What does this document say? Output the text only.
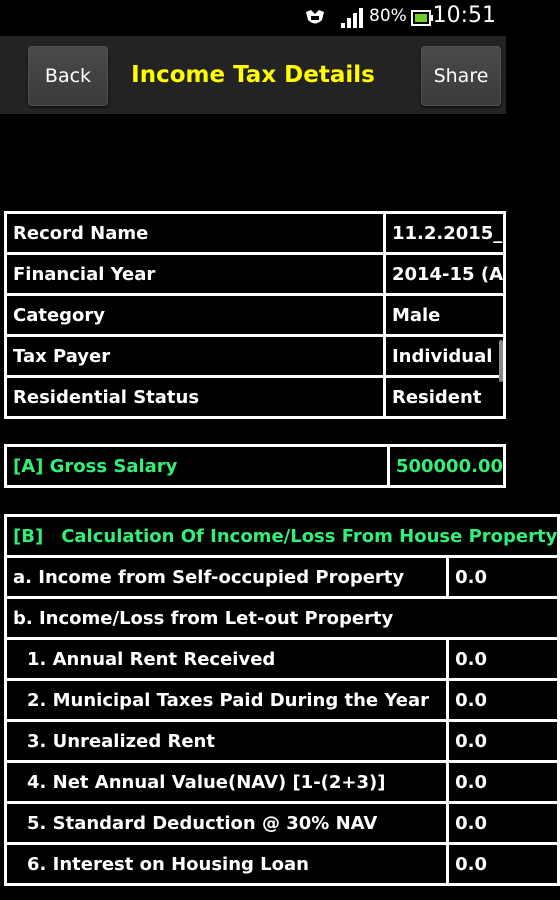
80% 10:51
Back	Income Tax Details	Share
Record Name	11.2.2015_
Financial Year	2014-15 (A
Category	Male
Tax Payer	Individual
Residential Status	Resident
[A] Gross Salary	500000.00
[B] Calculation Of Income/Loss From House Property	
a. Income from Self-occupied Property	0.0
b. Income/Loss from Let-out Property	
1. Annual Rent Received	0.0
2. Municipal Taxes Paid During the Year	0.0
3. Unrealized Rent	0.0
4. Net Annual Value(NAV) [1-(2+3)]	0.0
5. Standard Deduction @ 30% NAV	0.0
6. Interest on Housing Loan	0.0
